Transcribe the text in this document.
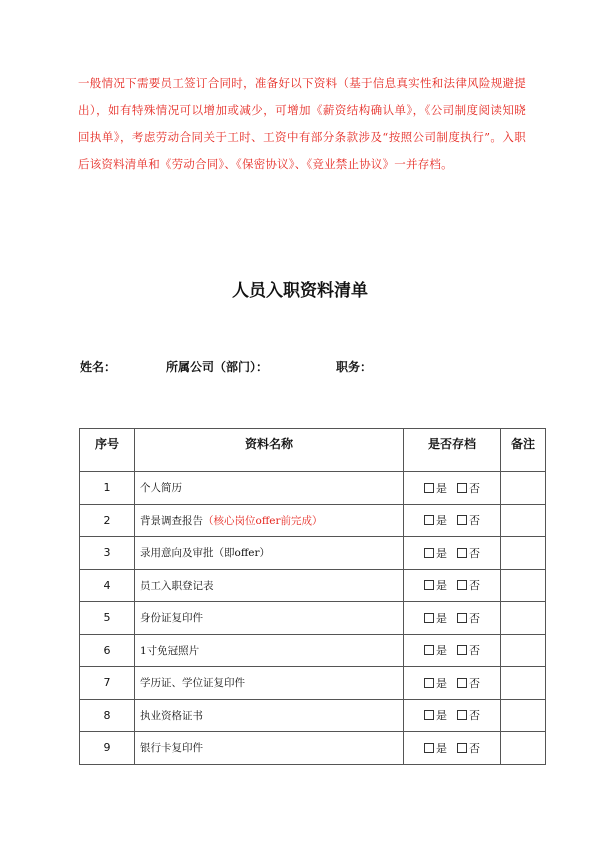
一般情况下需要员工签订合同时，准备好以下资料（基于信息真实性和法律风险规避提出），如有特殊情况可以增加或减少，可增加《薪资结构确认单》，《公司制度阅读知晓回执单》，考虑劳动合同关于工时、工资中有部分条款涉及“按照公司制度执行”。入职后该资料清单和《劳动合同》、《保密协议》、《竞业禁止协议》一并存档。

人员入职资料清单
姓名：	所属公司（部门）：	职务：
序号	资料名称	是否存档	备注
1	个人简历	是 否	
2	背景调查报告（核心岗位offer前完成）	是 否	
3	录用意向及审批（即offer）	是 否	
4	员工入职登记表	是 否	
5	身份证复印件	是 否	
6	1寸免冠照片	是 否	
7	学历证、学位证复印件	是 否	
8	执业资格证书	是 否	
9	银行卡复印件	是 否	
